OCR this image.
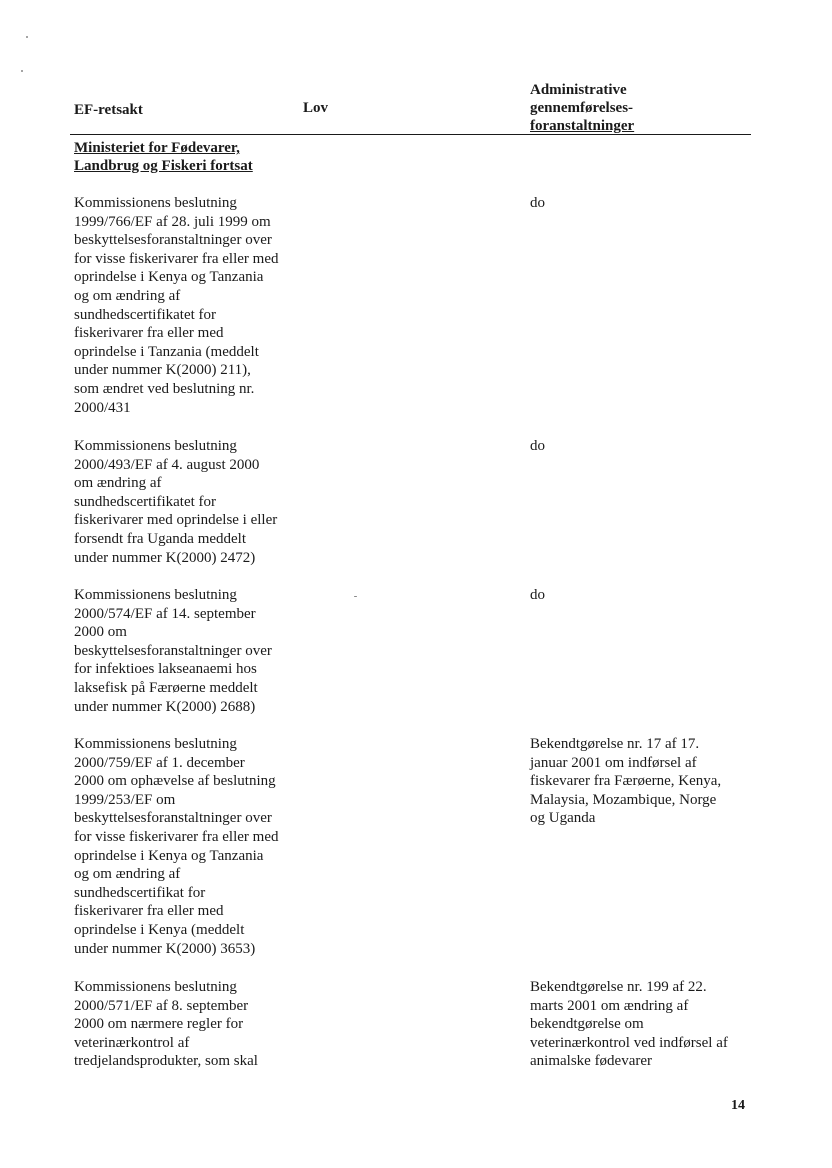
EF-retsakt	Lov
Administrative
gennemførelses-
foranstaltninger
Ministeriet for Fødevarer,
Landbrug og Fiskeri fortsat
Kommissionens beslutning
1999/766/EF af 28. juli 1999 om
beskyttelsesforanstaltninger over
for visse fiskerivarer fra eller med
oprindelse i Kenya og Tanzania
og om ændring af
sundhedscertifikatet for
fiskerivarer fra eller med
oprindelse i Tanzania (meddelt
under nummer K(2000) 211),
som ændret ved beslutning nr.
2000/431
do
Kommissionens beslutning
2000/493/EF af 4. august 2000
om ændring af
sundhedscertifikatet for
fiskerivarer med oprindelse i eller
forsendt fra Uganda meddelt
under nummer K(2000) 2472)
do
Kommissionens beslutning
2000/574/EF af 14. september
2000 om
beskyttelsesforanstaltninger over
for infektioes lakseanaemi hos
laksefisk på Færøerne meddelt
under nummer K(2000) 2688)
do
Kommissionens beslutning
2000/759/EF af 1. december
2000 om ophævelse af beslutning
1999/253/EF om
beskyttelsesforanstaltninger over
for visse fiskerivarer fra eller med
oprindelse i Kenya og Tanzania
og om ændring af
sundhedscertifikat for
fiskerivarer fra eller med
oprindelse i Kenya (meddelt
under nummer K(2000) 3653)
Bekendtgørelse nr. 17 af 17.
januar 2001 om indførsel af
fiskevarer fra Færøerne, Kenya,
Malaysia, Mozambique, Norge
og Uganda
Kommissionens beslutning
2000/571/EF af 8. september
2000 om nærmere regler for
veterinærkontrol af
tredjelandsprodukter, som skal
Bekendtgørelse nr. 199 af 22.
marts 2001 om ændring af
bekendtgørelse om
veterinærkontrol ved indførsel af
animalske fødevarer
14
